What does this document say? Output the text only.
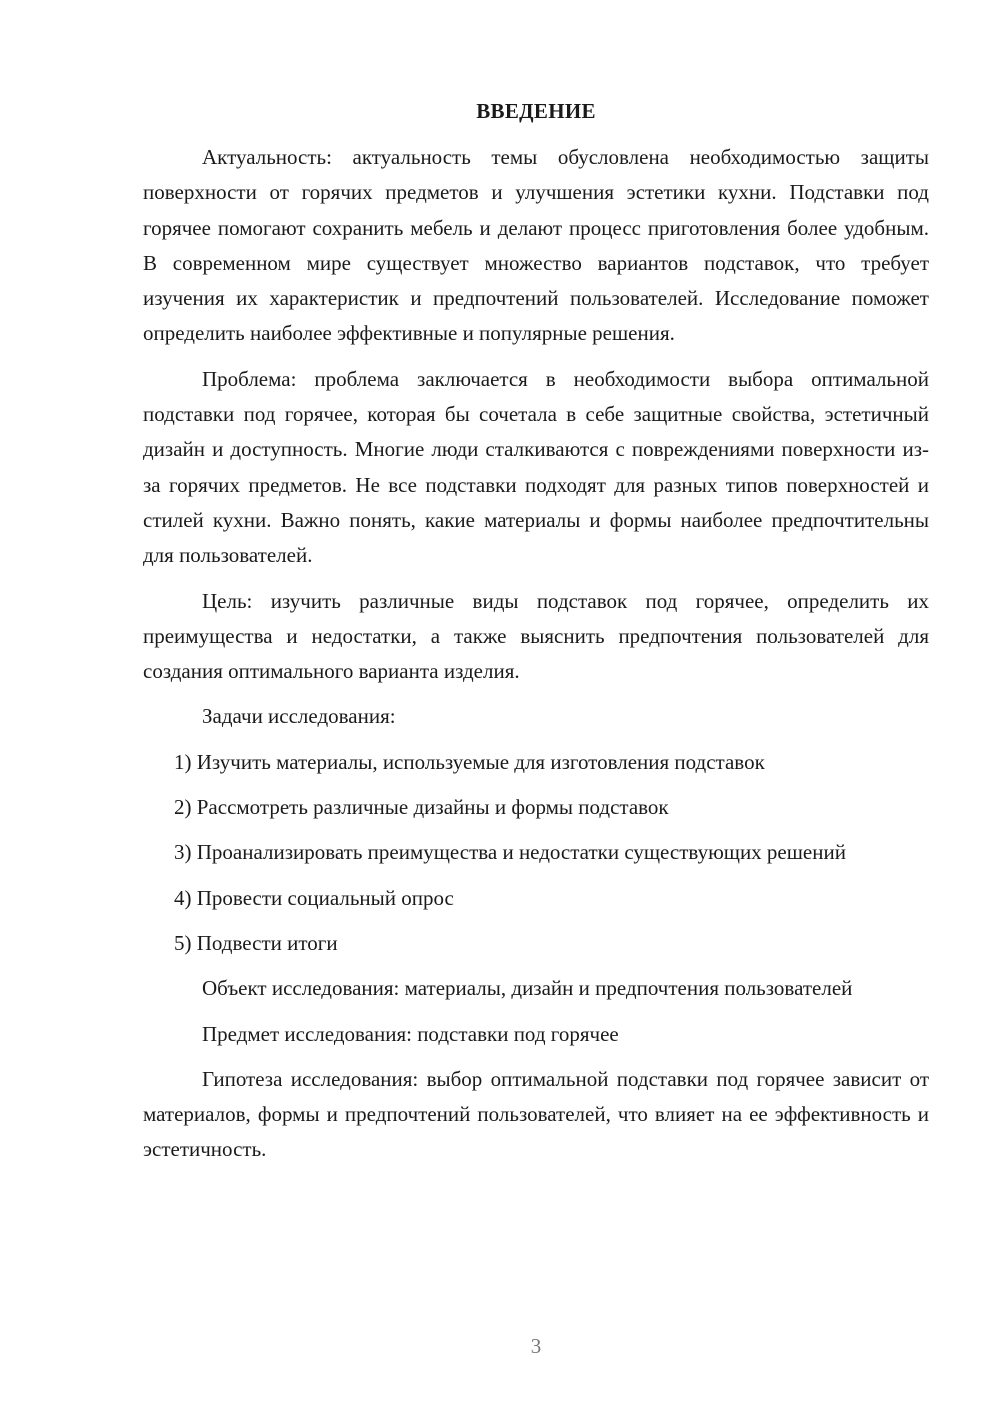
ВВЕДЕНИЕ

Актуальность: актуальность темы обусловлена необходимостью защиты поверхности от горячих предметов и улучшения эстетики кухни. Подставки под горячее помогают сохранить мебель и делают процесс приготовления более удобным. В современном мире существует множество вариантов подставок, что требует изучения их характеристик и предпочтений пользователей. Исследование поможет определить наиболее эффективные и популярные решения.

Проблема: проблема заключается в необходимости выбора оптимальной подставки под горячее, которая бы сочетала в себе защитные свойства, эстетичный дизайн и доступность. Многие люди сталкиваются с повреждениями поверхности из-за горячих предметов. Не все подставки подходят для разных типов поверхностей и стилей кухни. Важно понять, какие материалы и формы наиболее предпочтительны для пользователей.

Цель: изучить различные виды подставок под горячее, определить их преимущества и недостатки, а также выяснить предпочтения пользователей для создания оптимального варианта изделия.

Задачи исследования:

1) Изучить материалы, используемые для изготовления подставок

2) Рассмотреть различные дизайны и формы подставок

3) Проанализировать преимущества и недостатки существующих решений

4) Провести социальный опрос

5) Подвести итоги

Объект исследования: материалы, дизайн и предпочтения пользователей

Предмет исследования: подставки под горячее

Гипотеза исследования: выбор оптимальной подставки под горячее зависит от материалов, формы и предпочтений пользователей, что влияет на ее эффективность и эстетичность.

3
